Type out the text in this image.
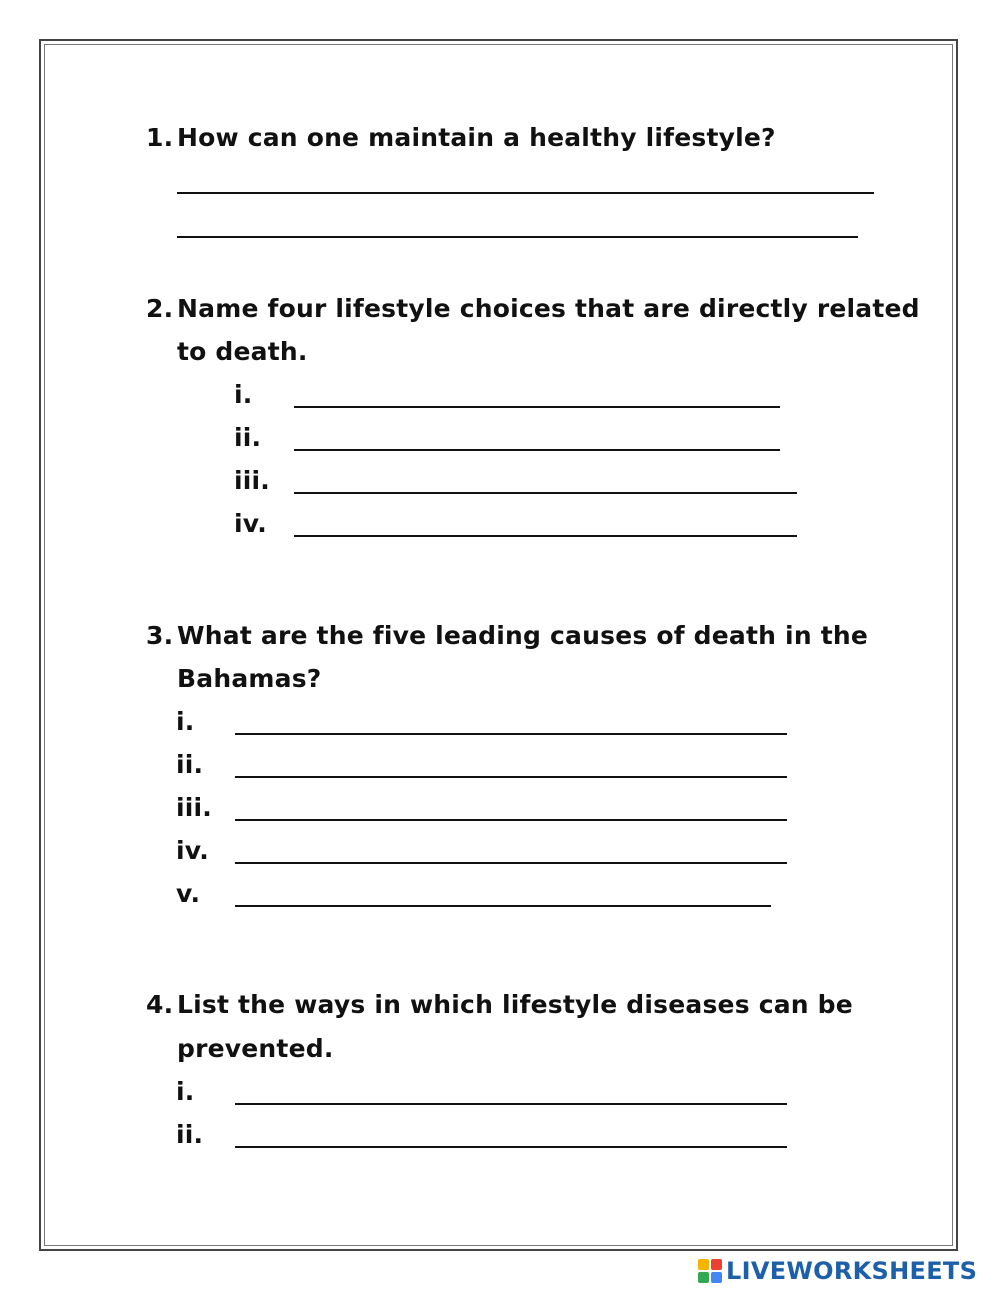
1. How can one maintain a healthy lifestyle?
2. Name four lifestyle choices that are directly related
to death.
i.
ii.
iii.
iv.
3. What are the five leading causes of death in the
Bahamas?
i.
ii.
iii.
iv.
v.
4. List the ways in which lifestyle diseases can be
prevented.
i.
ii.
LIVEWORKSHEETS
